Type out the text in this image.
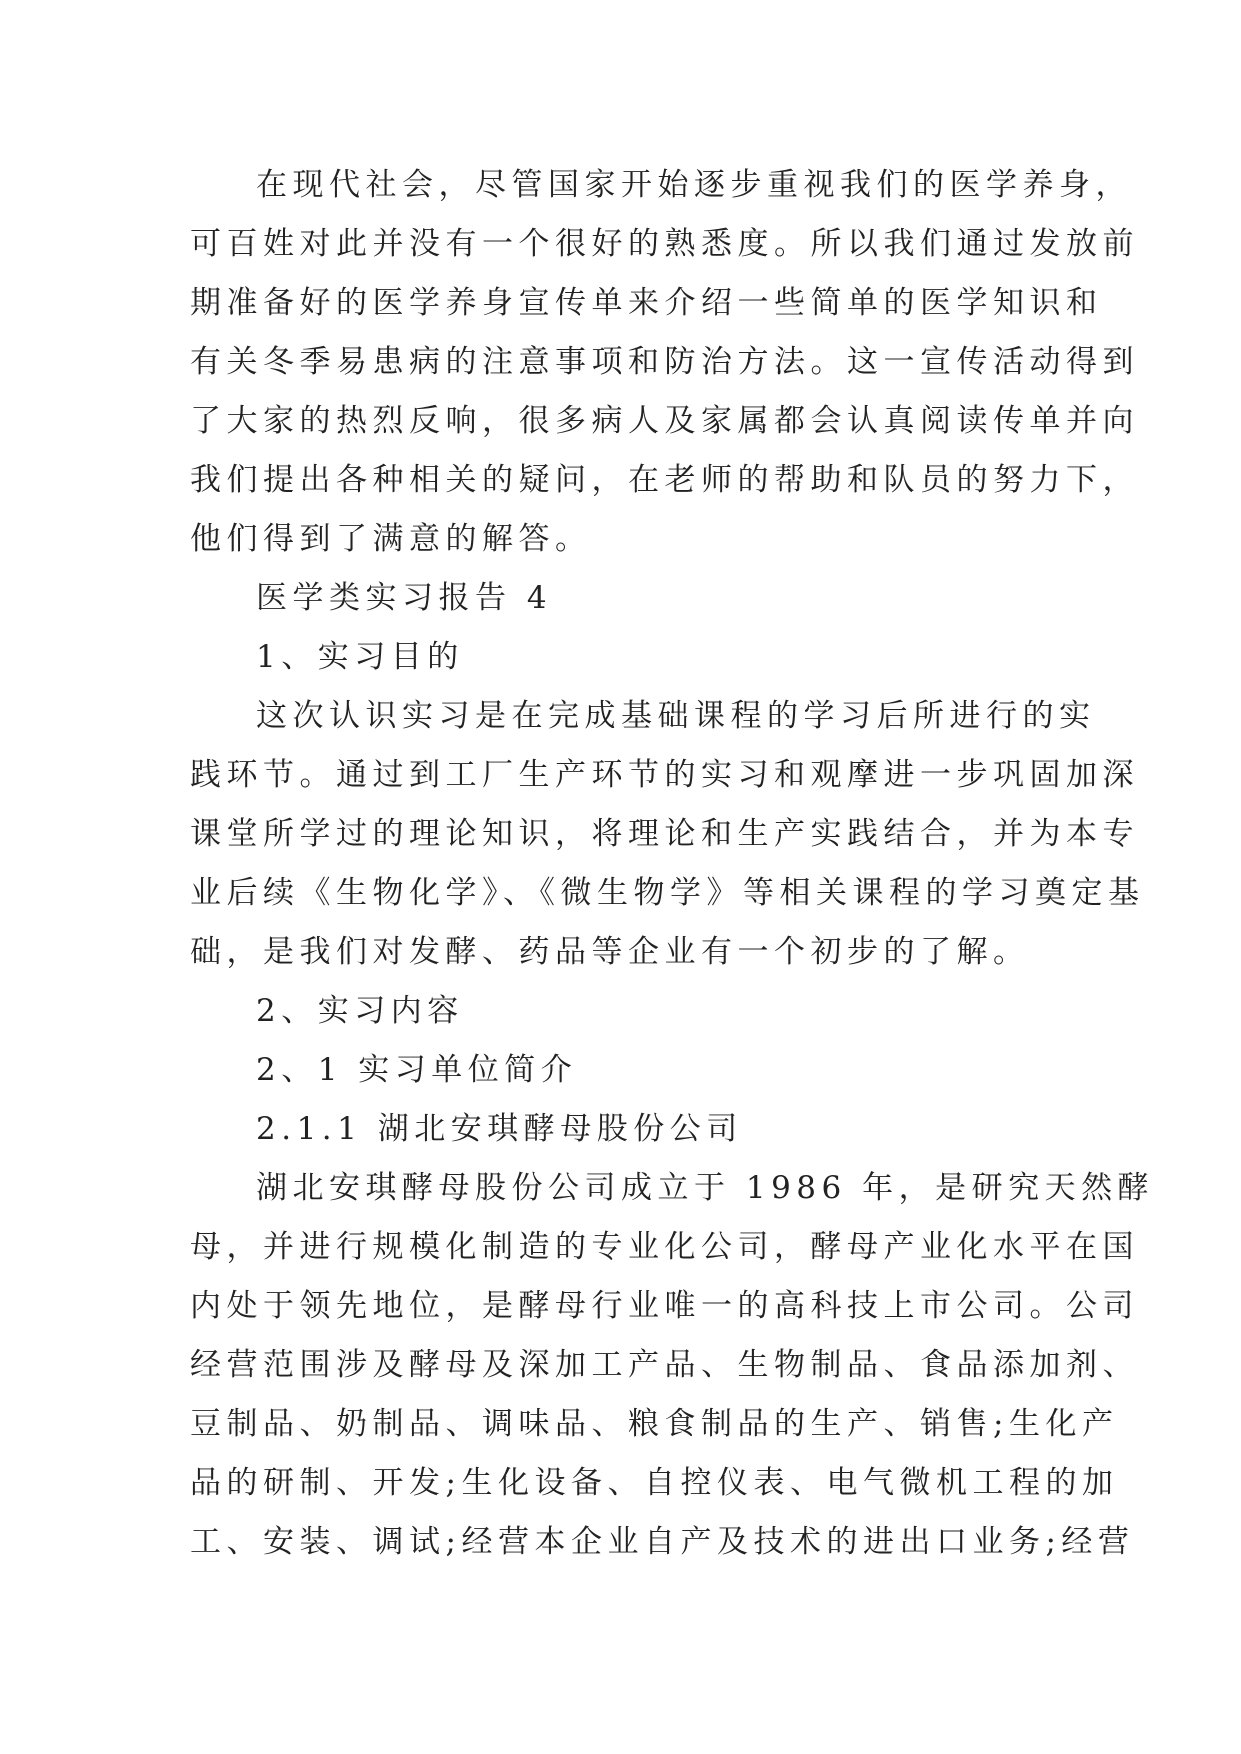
在现代社会，尽管国家开始逐步重视我们的医学养身，
可百姓对此并没有一个很好的熟悉度。所以我们通过发放前
期准备好的医学养身宣传单来介绍一些简单的医学知识和
有关冬季易患病的注意事项和防治方法。这一宣传活动得到
了大家的热烈反响，很多病人及家属都会认真阅读传单并向
我们提出各种相关的疑问，在老师的帮助和队员的努力下，
他们得到了满意的解答。
医学类实习报告 4
1、实习目的
这次认识实习是在完成基础课程的学习后所进行的实
践环节。通过到工厂生产环节的实习和观摩进一步巩固加深
课堂所学过的理论知识，将理论和生产实践结合，并为本专
业后续《生物化学》、《微生物学》等相关课程的学习奠定基
础，是我们对发酵、药品等企业有一个初步的了解。
2、实习内容
2、1 实习单位简介
2.1.1 湖北安琪酵母股份公司
湖北安琪酵母股份公司成立于 1986 年，是研究天然酵
母，并进行规模化制造的专业化公司，酵母产业化水平在国
内处于领先地位，是酵母行业唯一的高科技上市公司。公司
经营范围涉及酵母及深加工产品、生物制品、食品添加剂、
豆制品、奶制品、调味品、粮食制品的生产、销售;生化产
品的研制、开发;生化设备、自控仪表、电气微机工程的加
工、安装、调试;经营本企业自产及技术的进出口业务;经营
